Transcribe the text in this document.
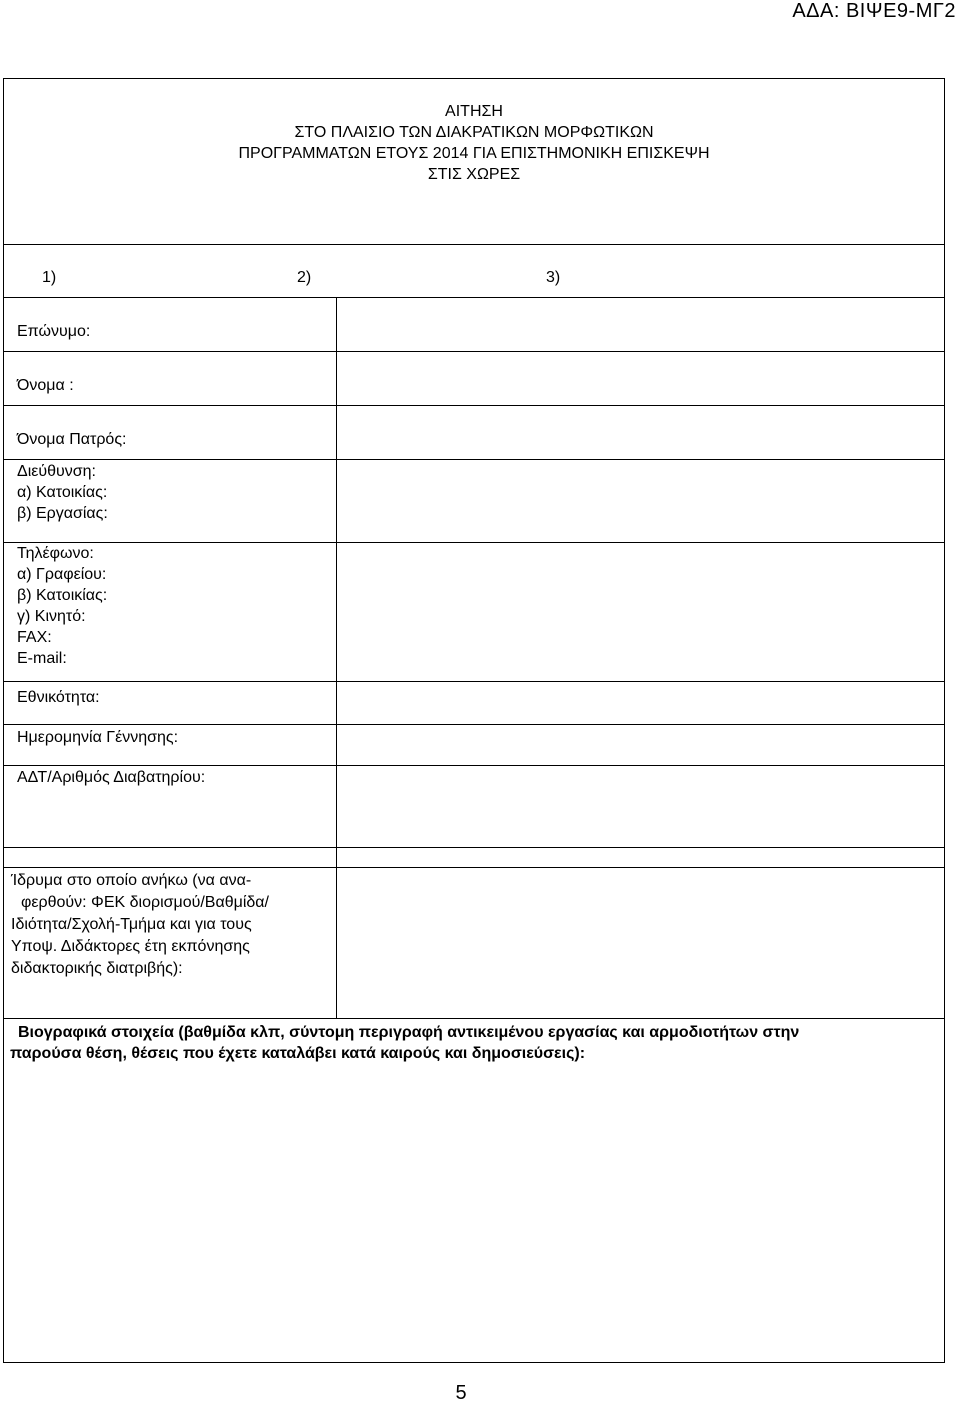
ΑΔΑ: ΒΙΨΕ9-ΜΓ2
ΑΙΤΗΣΗ
ΣΤΟ ΠΛΑΙΣΙΟ ΤΩΝ ΔΙΑΚΡΑΤΙΚΩΝ ΜΟΡΦΩΤΙΚΩΝ
ΠΡΟΓΡΑΜΜΑΤΩΝ ΕΤΟΥΣ 2014 ΓΙΑ ΕΠΙΣΤΗΜΟΝΙΚΗ ΕΠΙΣΚΕΨΗ
ΣΤΙΣ ΧΩΡΕΣ
1)	2)	3)
Επώνυμο:
Όνομα :
Όνομα Πατρός:
Διεύθυνση:
α) Κατοικίας:
β) Εργασίας:
Τηλέφωνο:
α) Γραφείου:
β) Κατοικίας:
γ) Κινητό:
FAX:
E-mail:
Εθνικότητα:
Ημερομηνία Γέννησης:
ΑΔΤ/Αριθμός Διαβατηρίου:

Ίδρυμα στο οποίο ανήκω (να ανα-

φερθούν: ΦΕΚ διορισμού/Βαθμίδα/

Ιδιότητα/Σχολή-Τμήμα και για τους

Υποψ. Διδάκτορες έτη εκπόνησης

διδακτορικής διατριβής):

Βιογραφικά στοιχεία (βαθμίδα κλπ, σύντομη περιγραφή αντικειμένου εργασίας και αρμοδιοτήτων στην
παρούσα θέση, θέσεις που έχετε καταλάβει κατά καιρούς και δημοσιεύσεις):
5
